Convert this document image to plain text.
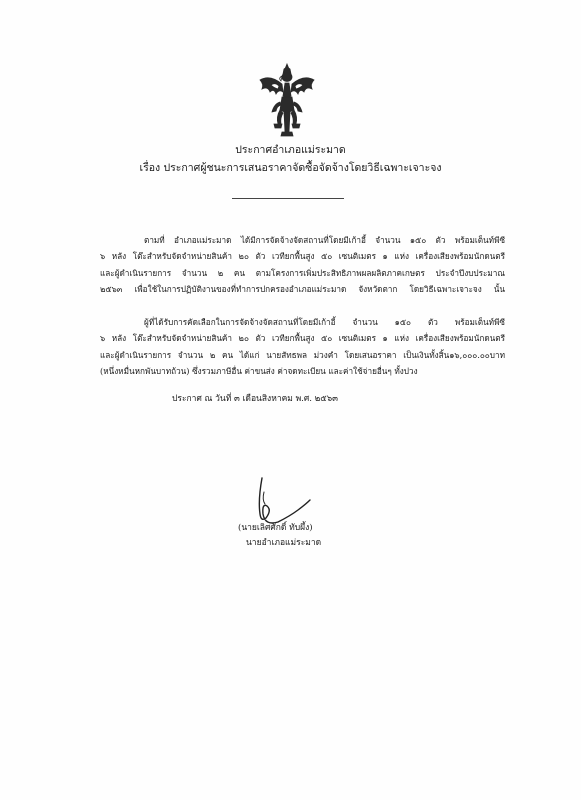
ประกาศอำเภอแม่ระมาด
เรื่อง ประกาศผู้ชนะการเสนอราคาจัดซื้อจัดจ้างโดยวิธีเฉพาะเจาะจง
ตามที่ อำเภอแม่ระมาด ได้มีการจัดจ้างจัดสถานที่โดยมีเก้าอี้ จำนวน ๑๕๐ ตัว พร้อมเต็นท์พีซี
๖ หลัง โต๊ะสำหรับจัดจำหน่ายสินค้า ๒๐ ตัว เวทียกพื้นสูง ๕๐ เซนติเมตร ๑ แห่ง เครื่องเสียงพร้อมนักดนตรี
และผู้ดำเนินรายการ จำนวน ๒ คน ตามโครงการเพิ่มประสิทธิภาพผลผลิตภาคเกษตร ประจำปีงบประมาณ
๒๕๖๓ เพื่อใช้ในการปฏิบัติงานของที่ทำการปกครองอำเภอแม่ระมาด จังหวัดตาก โดยวิธีเฉพาะเจาะจง นั้น
ผู้ที่ได้รับการคัดเลือกในการจัดจ้างจัดสถานที่โดยมีเก้าอี้ จำนวน ๑๕๐ ตัว พร้อมเต็นท์พีซี
๖ หลัง โต๊ะสำหรับจัดจำหน่ายสินค้า ๒๐ ตัว เวทียกพื้นสูง ๕๐ เซนติเมตร ๑ แห่ง เครื่องเสียงพร้อมนักดนตรี
และผู้ดำเนินรายการ จำนวน ๒ คน ได้แก่ นายสัทธพล ม่วงคำ โดยเสนอราคา เป็นเงินทั้งสิ้น๑๖,๐๐๐.๐๐บาท
(หนึ่งหมื่นหกพันบาทถ้วน) ซึ่งรวมภาษีอื่น ค่าขนส่ง ค่าจดทะเบียน และค่าใช้จ่ายอื่นๆ ทั้งปวง
ประกาศ ณ วันที่ ๓ เดือนสิงหาคม พ.ศ. ๒๕๖๓
(นายเลิศศักดิ์ ทับผึ้ง)
นายอำเภอแม่ระมาด
